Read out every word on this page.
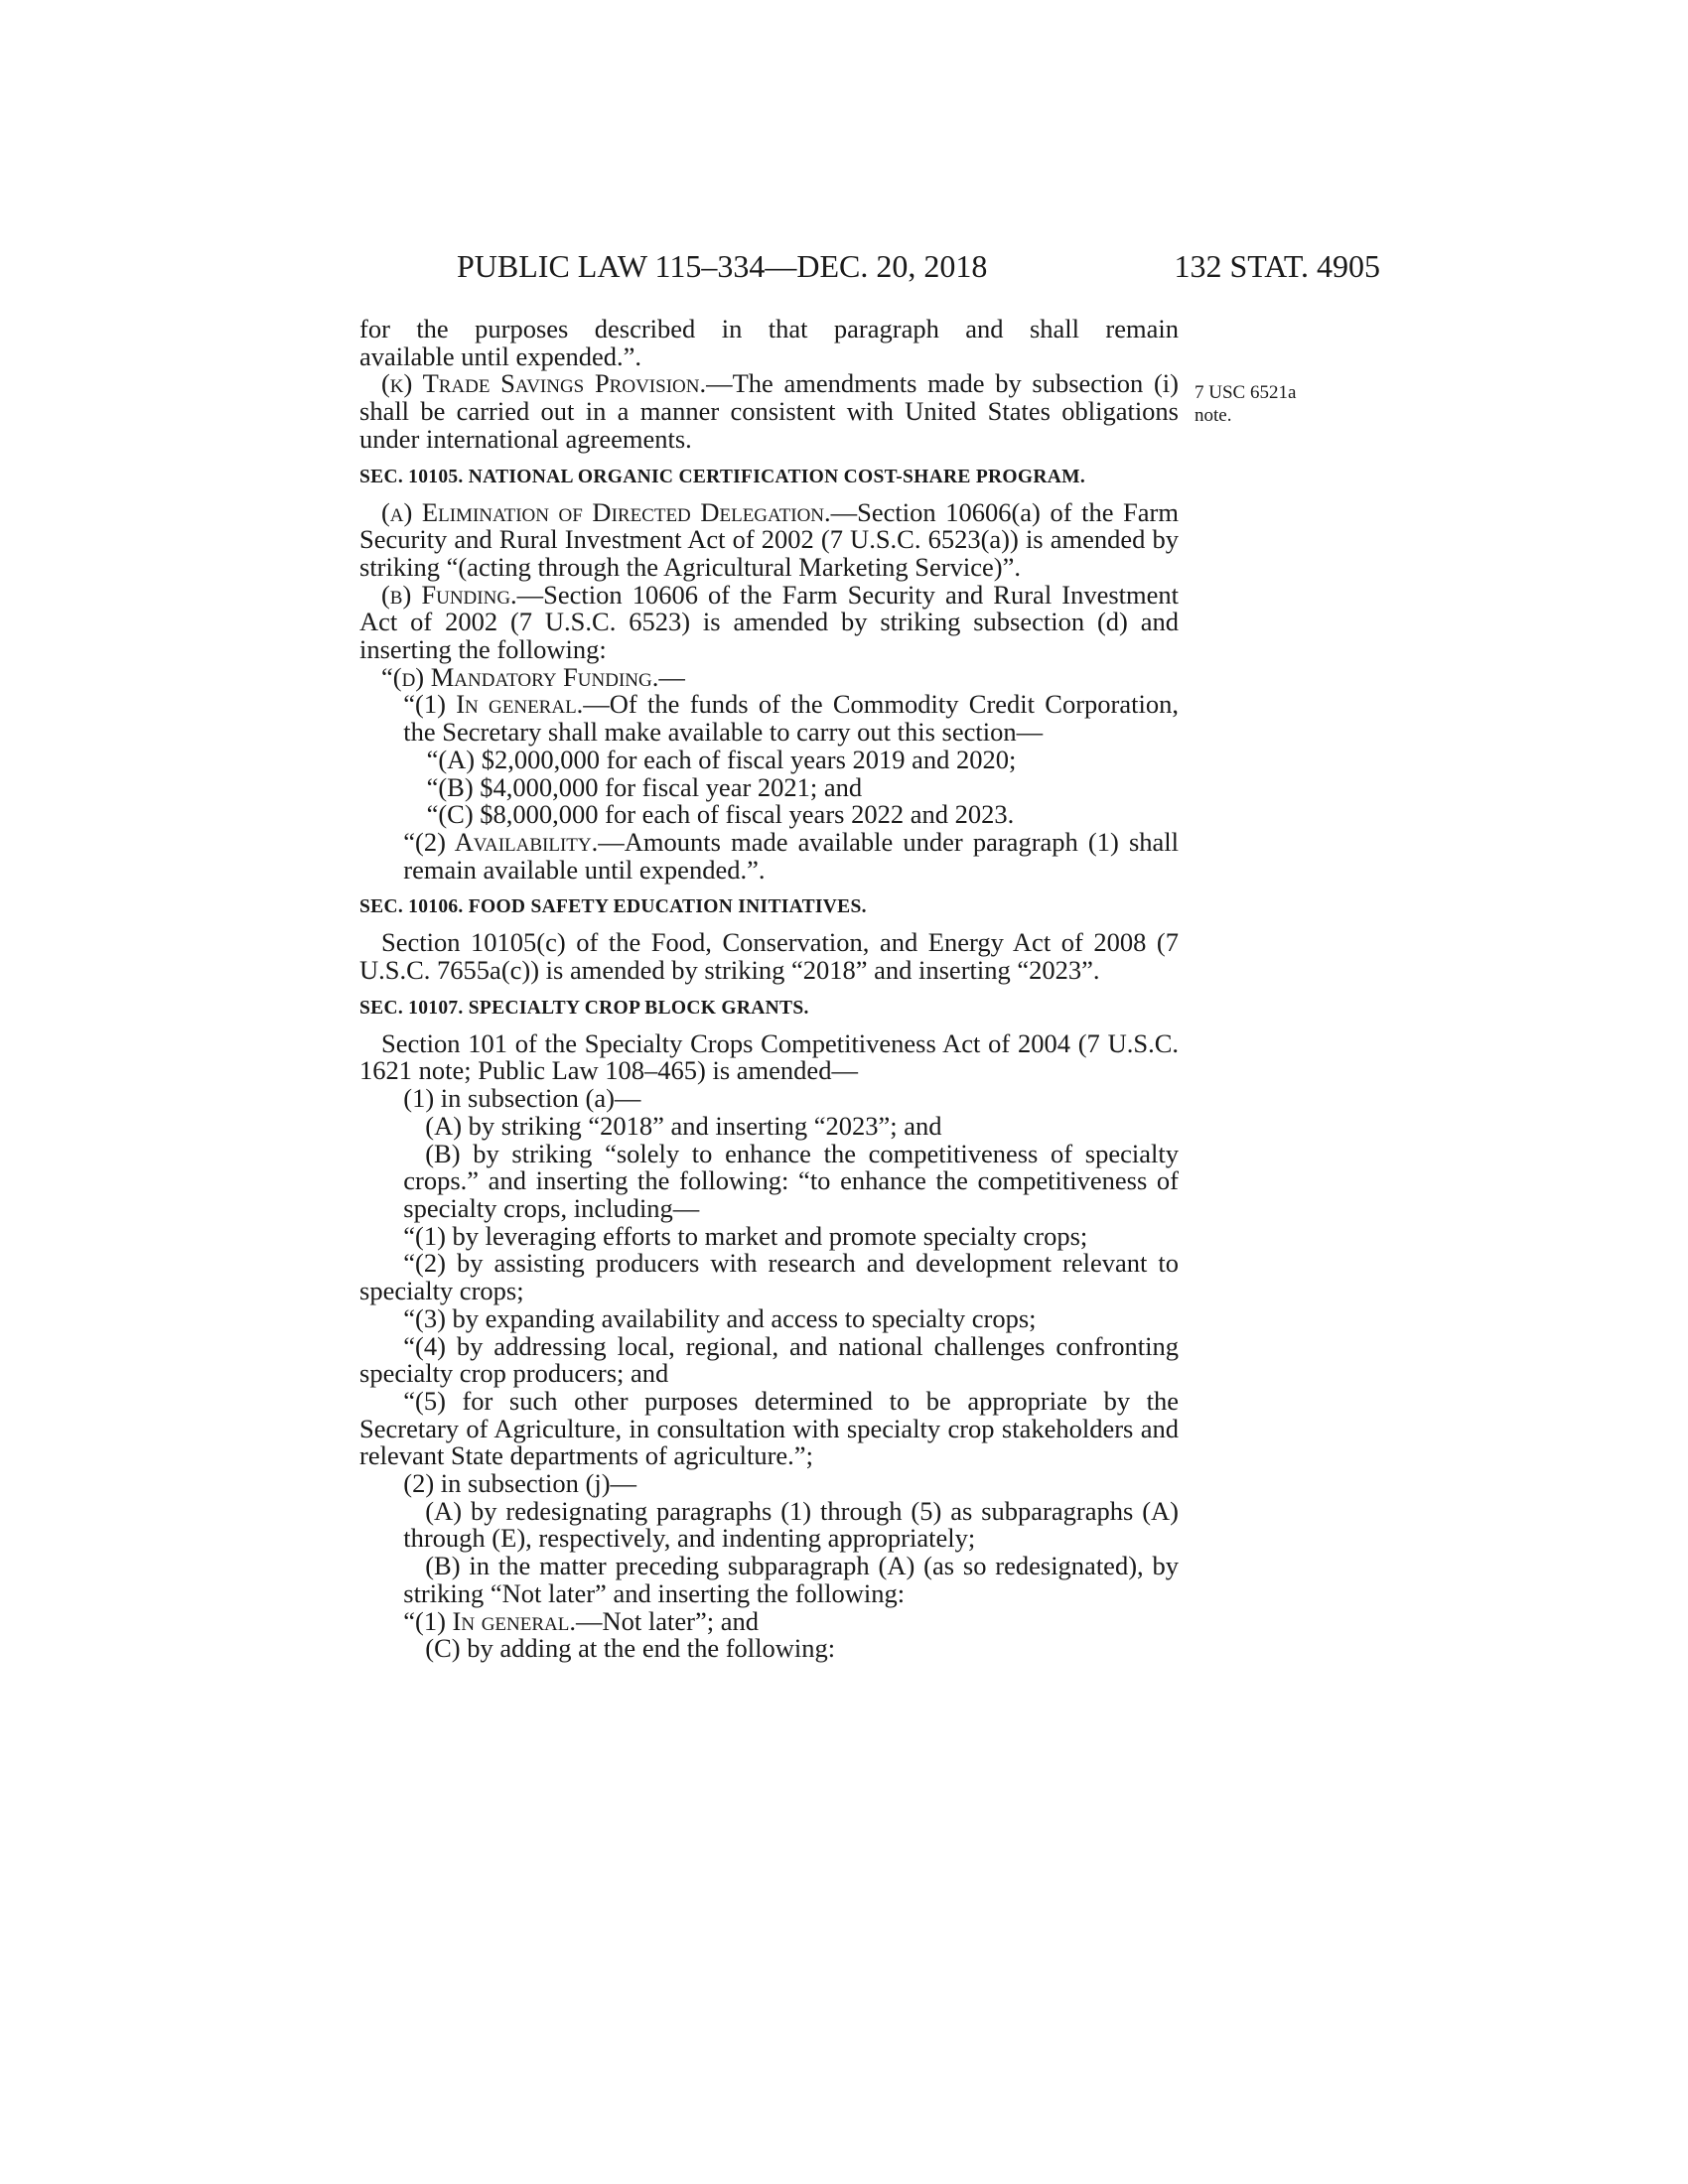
PUBLIC LAW 115–334—DEC. 20, 2018	132 STAT. 4905
7 USC 6521a
note.

for the purposes described in that paragraph and shall remain

available until expended.”.

(k) Trade Savings Provision.—The amendments made by subsection (i) shall be carried out in a manner consistent with United States obligations under international agreements.

SEC. 10105. NATIONAL ORGANIC CERTIFICATION COST-SHARE PROGRAM.

(a) Elimination of Directed Delegation.—Section 10606(a) of the Farm Security and Rural Investment Act of 2002 (7 U.S.C. 6523(a)) is amended by striking “(acting through the Agricultural Marketing Service)”.

(b) Funding.—Section 10606 of the Farm Security and Rural Investment Act of 2002 (7 U.S.C. 6523) is amended by striking subsection (d) and inserting the following:

“(d) Mandatory Funding.—

“(1) In general.—Of the funds of the Commodity Credit Corporation, the Secretary shall make available to carry out this section—

“(A) $2,000,000 for each of fiscal years 2019 and 2020;

“(B) $4,000,000 for fiscal year 2021; and

“(C) $8,000,000 for each of fiscal years 2022 and 2023.

“(2) Availability.—Amounts made available under paragraph (1) shall remain available until expended.”.

SEC. 10106. FOOD SAFETY EDUCATION INITIATIVES.

Section 10105(c) of the Food, Conservation, and Energy Act of 2008 (7 U.S.C. 7655a(c)) is amended by striking “2018” and inserting “2023”.

SEC. 10107. SPECIALTY CROP BLOCK GRANTS.

Section 101 of the Specialty Crops Competitiveness Act of 2004 (7 U.S.C. 1621 note; Public Law 108–465) is amended—

(1) in subsection (a)—

(A) by striking “2018” and inserting “2023”; and

(B) by striking “solely to enhance the competitiveness of specialty crops.” and inserting the following: “to enhance the competitiveness of specialty crops, including—

“(1) by leveraging efforts to market and promote specialty crops;

“(2) by assisting producers with research and development relevant to specialty crops;

“(3) by expanding availability and access to specialty crops;

“(4) by addressing local, regional, and national challenges confronting specialty crop producers; and

“(5) for such other purposes determined to be appropriate by the Secretary of Agriculture, in consultation with specialty crop stakeholders and relevant State departments of agriculture.”;

(2) in subsection (j)—

(A) by redesignating paragraphs (1) through (5) as subparagraphs (A) through (E), respectively, and indenting appropriately;

(B) in the matter preceding subparagraph (A) (as so redesignated), by striking “Not later” and inserting the following:

“(1) In general.—Not later”; and

(C) by adding at the end the following:
